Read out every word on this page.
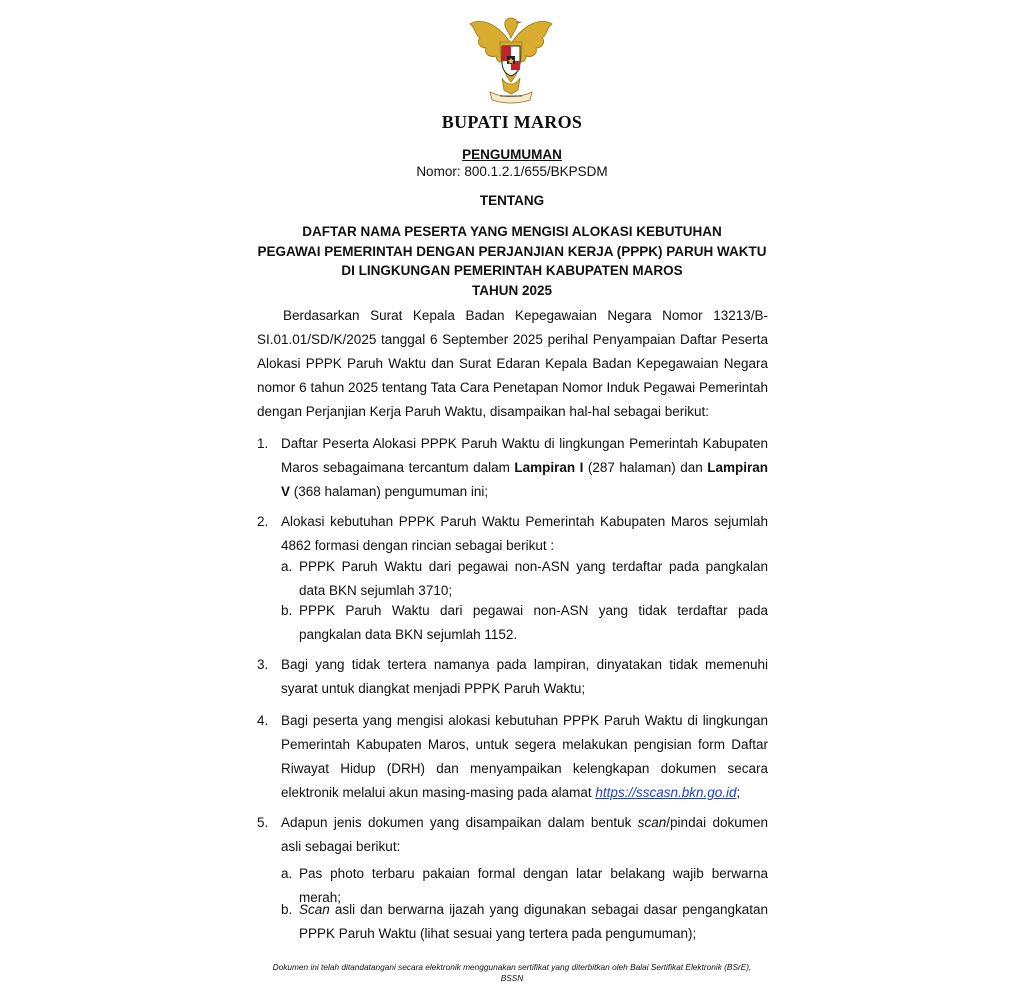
BUPATI MAROS
PENGUMUMAN
Nomor: 800.1.2.1/655/BKPSDM
TENTANG
DAFTAR NAMA PESERTA YANG MENGISI ALOKASI KEBUTUHAN
PEGAWAI PEMERINTAH DENGAN PERJANJIAN KERJA (PPPK) PARUH WAKTU
DI LINGKUNGAN PEMERINTAH KABUPATEN MAROS
TAHUN 2025
Berdasarkan Surat Kepala Badan Kepegawaian Negara Nomor 13213/B-SI.01.01/SD/K/2025 tanggal 6 September 2025 perihal Penyampaian Daftar Peserta Alokasi PPPK Paruh Waktu dan Surat Edaran Kepala Badan Kepegawaian Negara nomor 6 tahun 2025 tentang Tata Cara Penetapan Nomor Induk Pegawai Pemerintah dengan Perjanjian Kerja Paruh Waktu, disampaikan hal-hal sebagai berikut:
1. Daftar Peserta Alokasi PPPK Paruh Waktu di lingkungan Pemerintah Kabupaten Maros sebagaimana tercantum dalam Lampiran I (287 halaman) dan Lampiran V (368 halaman) pengumuman ini;
2. Alokasi kebutuhan PPPK Paruh Waktu Pemerintah Kabupaten Maros sejumlah 4862 formasi dengan rincian sebagai berikut :
a. PPPK Paruh Waktu dari pegawai non-ASN yang terdaftar pada pangkalan data BKN sejumlah 3710;
b. PPPK Paruh Waktu dari pegawai non-ASN yang tidak terdaftar pada pangkalan data BKN sejumlah 1152.
3. Bagi yang tidak tertera namanya pada lampiran, dinyatakan tidak memenuhi syarat untuk diangkat menjadi PPPK Paruh Waktu;
4. Bagi peserta yang mengisi alokasi kebutuhan PPPK Paruh Waktu di lingkungan Pemerintah Kabupaten Maros, untuk segera melakukan pengisian form Daftar Riwayat Hidup (DRH) dan menyampaikan kelengkapan dokumen secara elektronik melalui akun masing-masing pada alamat https://sscasn.bkn.go.id;
5. Adapun jenis dokumen yang disampaikan dalam bentuk scan/pindai dokumen asli sebagai berikut:
a. Pas photo terbaru pakaian formal dengan latar belakang wajib berwarna merah;
b. Scan asli dan berwarna ijazah yang digunakan sebagai dasar pengangkatan PPPK Paruh Waktu (lihat sesuai yang tertera pada pengumuman);
Dokumen ini telah ditandatangani secara elektronik menggunakan sertifikat yang diterbitkan oleh Balai Sertifikat Elektronik (BSrE),
BSSN
